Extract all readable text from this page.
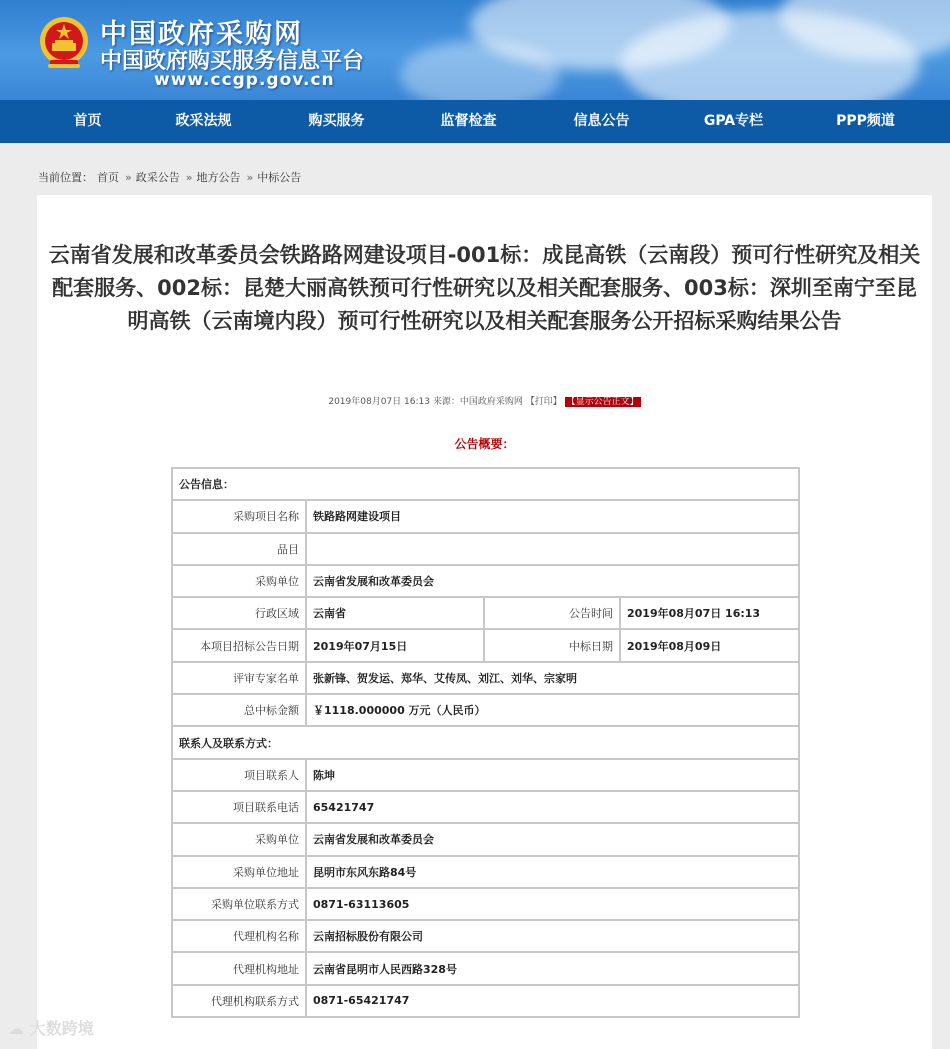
中国政府采购网
中国政府购买服务信息平台
www.ccgp.gov.cn
首页	政采法规	购买服务	监督检查	信息公告	GPA专栏	PPP频道
当前位置： 首页 » 政采公告 » 地方公告 » 中标公告
云南省发展和改革委员会铁路路网建设项目-001标：成昆高铁（云南段）预可行性研究及相关配套服务、002标：昆楚大丽高铁预可行性研究以及相关配套服务、003标：深圳至南宁至昆明高铁（云南境内段）预可行性研究以及相关配套服务公开招标采购结果公告
2019年08月07日 16:13 来源：中国政府采购网 【打印】 【显示公告正文】
公告概要：
公告信息：			
采购项目名称	铁路路网建设项目		
品目			
采购单位	云南省发展和改革委员会		
行政区域	云南省	公告时间	2019年08月07日 16:13
本项目招标公告日期	2019年07月15日	中标日期	2019年08月09日
评审专家名单	张新锋、贺发运、郑华、艾传凤、刘江、刘华、宗家明		
总中标金额	￥1118.000000 万元（人民币）		
联系人及联系方式：			
项目联系人	陈坤		
项目联系电话	65421747		
采购单位	云南省发展和改革委员会		
采购单位地址	昆明市东风东路84号		
采购单位联系方式	0871-63113605		
代理机构名称	云南招标股份有限公司		
代理机构地址	云南省昆明市人民西路328号		
代理机构联系方式	0871-65421747		
☁ 大数跨境
